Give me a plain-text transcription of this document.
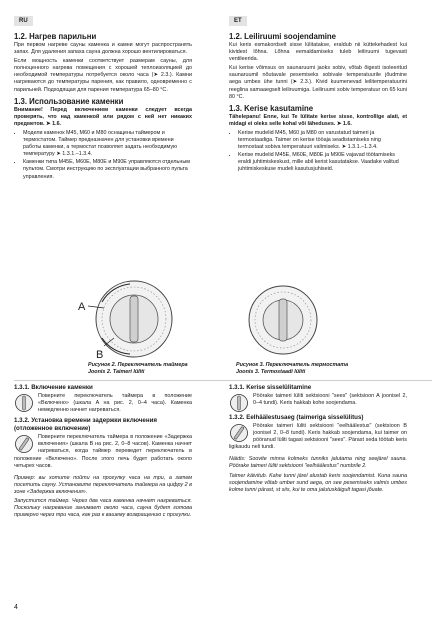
RU	ET
1.2. Нагрев парильни

При первом нагреве сауны каменка и камни могут распространять запах. Для удаления запаха сауна должна хорошо вентилироваться.

Если мощность каменки соответствует размерам сауны, для полноценного нагрева помещения с хорошей теплоизоляцией до необходимой температуры потребуется около часа (➤ 2.3.). Камни нагреваются до температуры парения, как правило, одновременно с парильней. Подходящая для парения температура 65–80 °C.

1.3. Использование каменки

Внимание! Перед включением каменки следует всегда проверять, что над каменкой или рядом с ней нет никаких предметов. ➤ 1.6.

• Модели каменок M45, M60 и M80 оснащены таймером и термостатом. Таймер предназначен для установки времени работы каменки, а термостат позволяет задать необходимую температуру ➤ 1.3.1.–1.3.4.
• Каменки типа M45E, M60E, M80E и M90E управляются отдельным пультом. Смотри инструкцию по эксплуатации выбранного пульта управления.
1.2. Leiliruumi soojendamine

Kui keris esmakordselt sisse lülitatakse, eraldub nii küttekehadest kui kividest lõhna. Lõhna eemaldamiseks tuleb leiliruumi tugevasti ventileerida.

Kui kerise võimsus on saunaruumi jaoks sobiv, võtab õigesti isoleeritud saunaruumil nõutavale pesemiseks sobivale temperatuurile jõudmine aega umbes ühe tunni (➤ 2.3.). Kivid kuumenevad leilitemperatuurini reeglina samaaegselt leiliruumiga. Leiliruumi sobiv temperatuur on 65 kuni 80 °C.

1.3. Kerise kasutamine

Tähelepanu! Enne, kui Te lülitate kerise sisse, kontrollige alati, et midagi ei oleks selle kohal või läheduses. ➤ 1.6.

• Kerise mudelid M45, M60 ja M80 on varustatud taimeri ja termostaadiga. Taimer on kerise tööaja seadistamiseks ning termostaat sobiva temperatuuri valimiseks. ➤ 1.3.1.–1.3.4.
• Kerise mudelid M45E, M60E, M80E ja M90E vajavad töötamiseks eraldi juhtimiskeskust, mille abil kerist kasutatakse. Vaadake valitud juhtimiskeskuse mudeli kasutusjuhiseid.
A
B
Рисунок 2. Переключатель таймера
Joonis 2. Taimeri lüliti
Рисунок 3. Переключатель термостата
Joonis 3. Termostaadi lüliti
1.3.1. Включение каменки

Поверните переключатель таймера в положение «Включено» (шкала A на рис. 2, 0–4 часа). Каменка немедленно начнет нагреваться.

1.3.2. Установка времени задержки включения (отложенное включение)

Поверните переключатель таймера в положение «Задержка включения» (шкала B на рис. 2, 0–8 часов). Каменка начнет нагреваться, когда таймер переведет переключатель в положение «Включено». После этого печь будет работать около четырех часов.

Пример: вы хотите пойти на прогулку часа на три, а затем посетить сауну. Установите переключатель таймера на цифру 2 в зоне «Задержка включения».

Запустится таймер. Через два часа каменка начнет нагреваться. Поскольку нагревание занимает около часа, сауна будет готова примерно через три часа, как раз к вашему возвращению с прогулки.

1.3.1. Kerise sisselülitamine

Pöörake taimeri lüliti sektsiooni "sees" (sektsioon A joonisel 2, 0–4 tundi). Keris hakkab kohe soojendama.

1.3.2. Eelhäälestusaeg (taimeriga sisselülitus)

Pöörake taimeri lüliti sektsiooni "eelhäälestus" (sektsioon B joonisel 2, 0–8 tundi). Keris hakkab soojendama, kui taimer on pööranud lüliti tagasi sektsiooni "sees". Pärast seda töötab keris ligikaudu neli tundi.

Näidis: Soovite minna kolmeks tunniks jalutama ning seejärel sauna. Pöörake taimeri lüliti sektsiooni "eelhäälestus" numbrile 2.

Taimer käivitub. Kahe tunni järel alustab keris soojendamist. Kuna sauna soojendamine võtab umber sund aega, on see pesemiseks valmis umbes kolme tunni pärast, st siis, kui te oma jalutuskäigult tagasi jõuate.

4
